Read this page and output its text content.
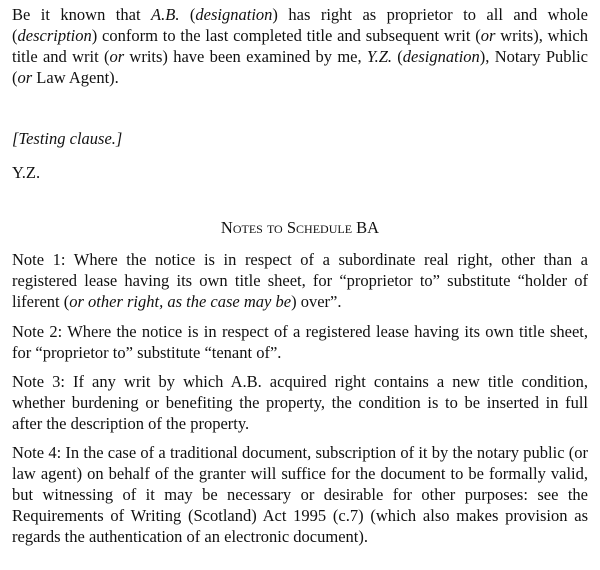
Be it known that A.B. (designation) has right as proprietor to all and whole (description) conform to the last completed title and subsequent writ (or writs), which title and writ (or writs) have been examined by me, Y.Z. (designation), Notary Public (or Law Agent).

[Testing clause.]

Y.Z.

Notes to Schedule BA

Note 1: Where the notice is in respect of a subordinate real right, other than a registered lease having its own title sheet, for “proprietor to” substitute “holder of liferent (or other right, as the case may be) over”.

Note 2: Where the notice is in respect of a registered lease having its own title sheet, for “proprietor to” substitute “tenant of”.

Note 3: If any writ by which A.B. acquired right contains a new title condition, whether burdening or benefiting the property, the condition is to be inserted in full after the description of the property.

Note 4: In the case of a traditional document, subscription of it by the notary public (or law agent) on behalf of the granter will suffice for the document to be formally valid, but witnessing of it may be necessary or desirable for other purposes: see the Requirements of Writing (Scotland) Act 1995 (c.7) (which also makes provision as regards the authentication of an electronic document).
